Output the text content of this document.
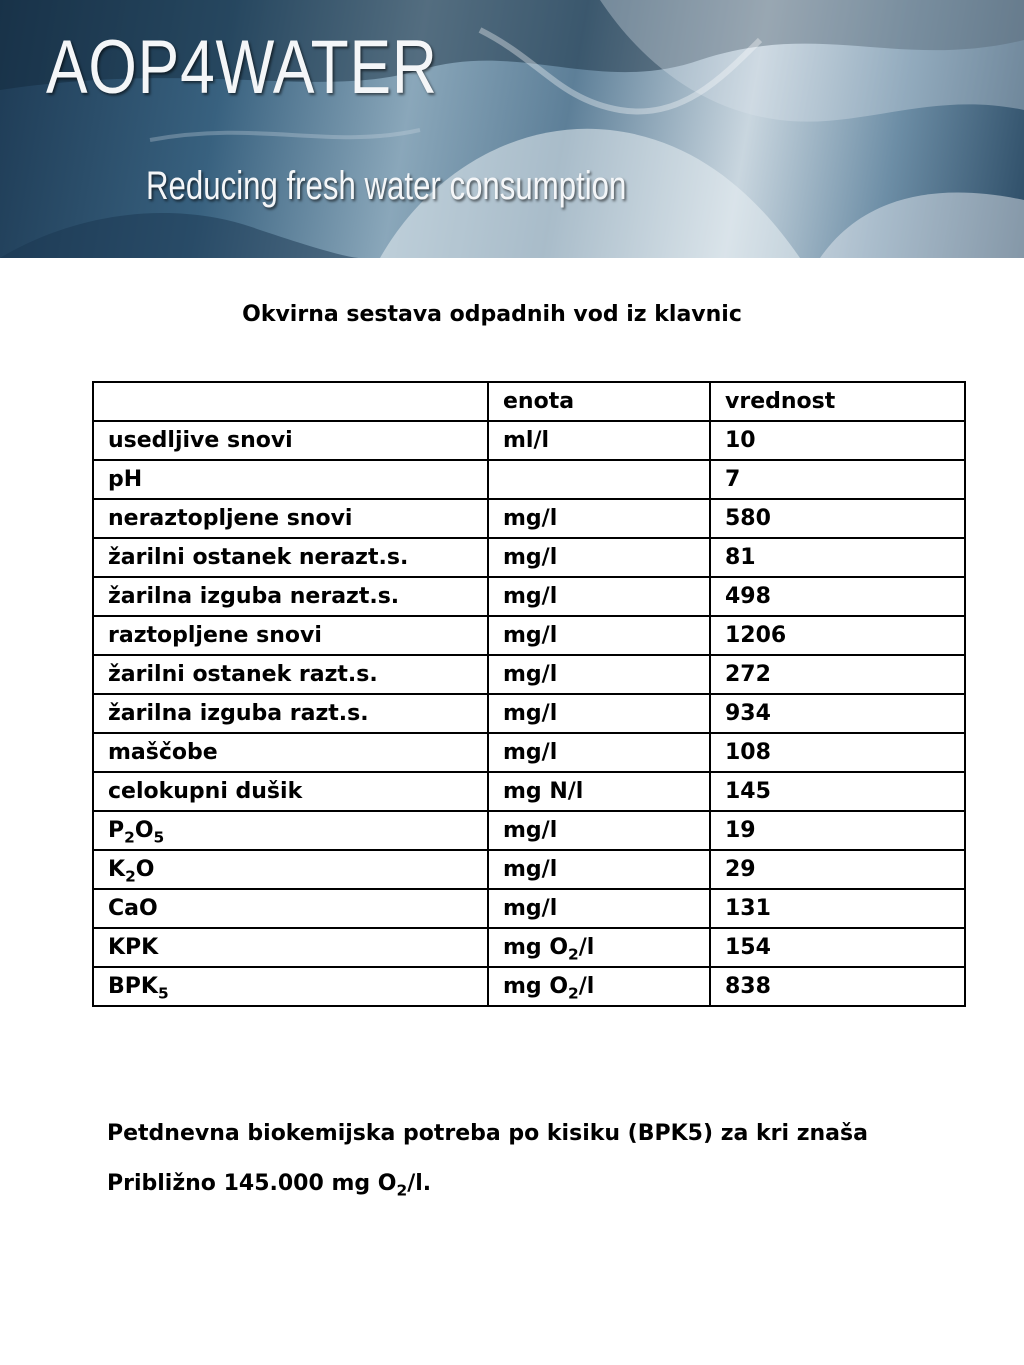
AOP4WATER
Reducing fresh water consumption
Okvirna sestava odpadnih vod iz klavnic
	enota	vrednost
usedljive snovi	ml/l	10
pH		7
neraztopljene snovi	mg/l	580
žarilni ostanek nerazt.s.	mg/l	81
žarilna izguba nerazt.s.	mg/l	498
raztopljene snovi	mg/l	1206
žarilni ostanek razt.s.	mg/l	272
žarilna izguba razt.s.	mg/l	934
maščobe	mg/l	108
celokupni dušik	mg N/l	145
$P_2O_5$	mg/l	19
$K_2O$	mg/l	29
CaO	mg/l	131
KPK	mg $O_2/l$	154
$BPK_5$	mg $O_2/l$	838
Petdnevna biokemijska potreba po kisiku (BPK5) za kri znaša
Približno 145.000 mg $O_2/l$.
